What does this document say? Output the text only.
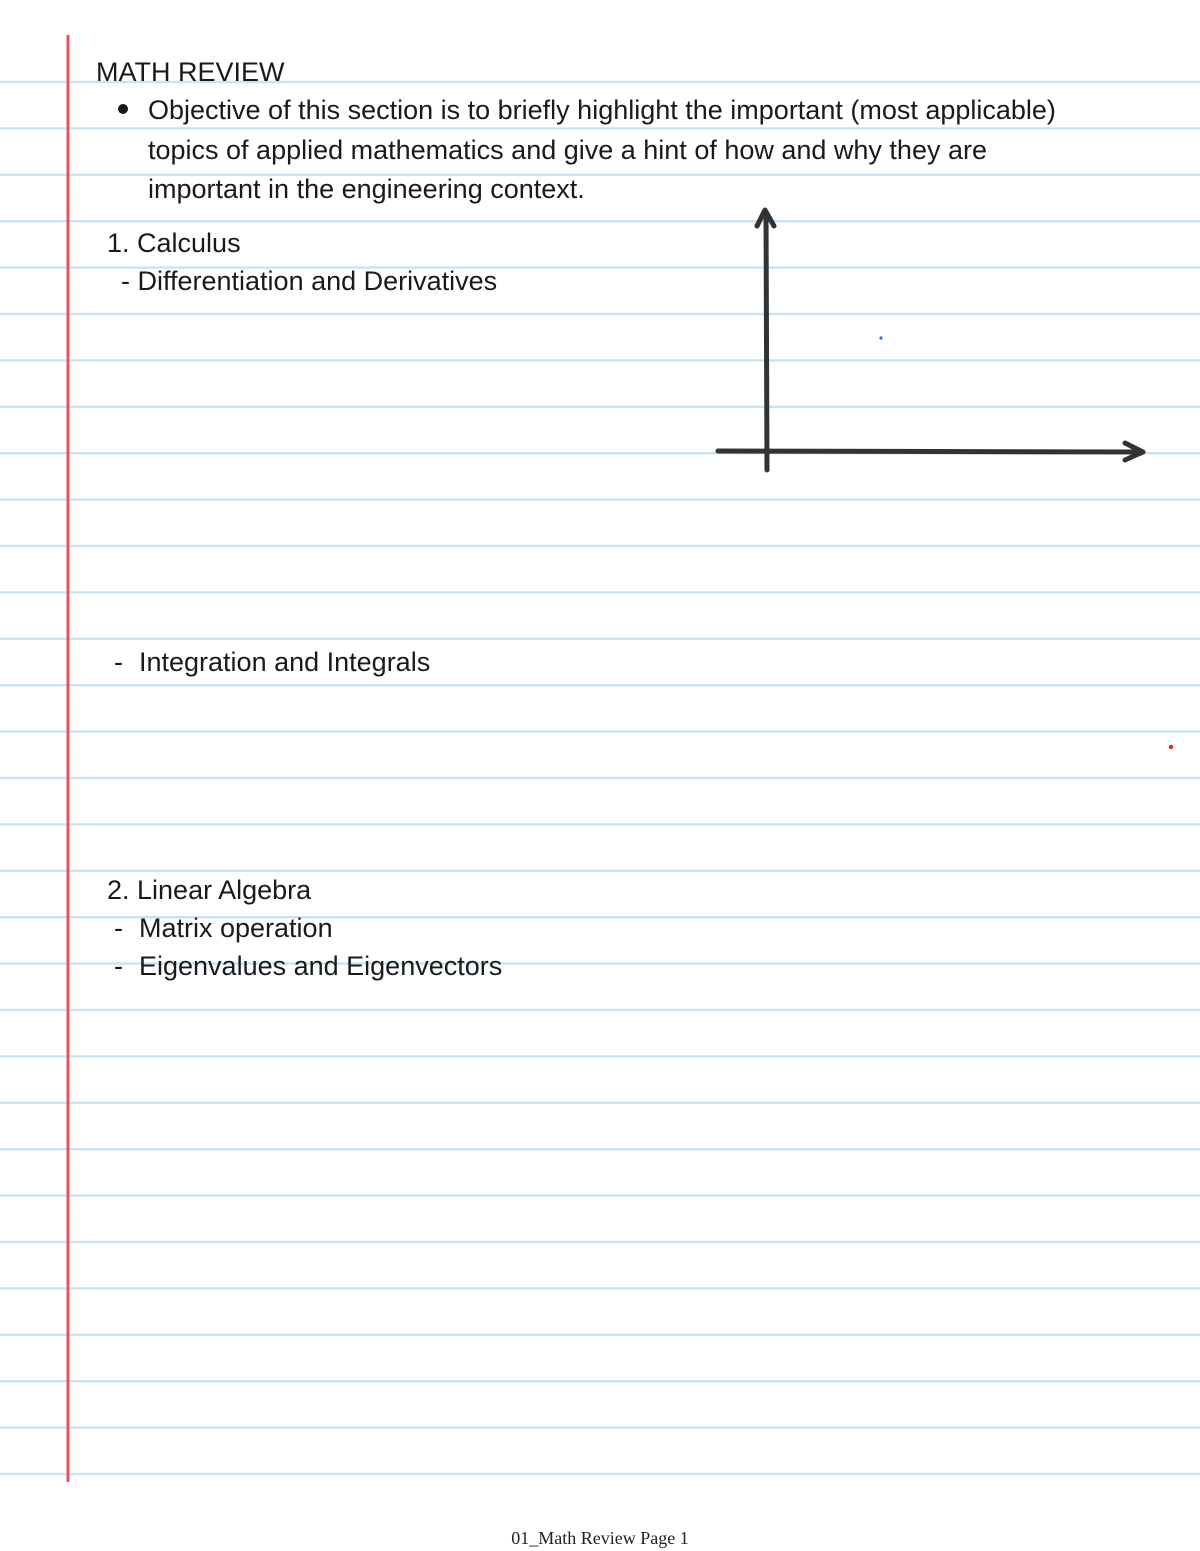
MATH REVIEW
Objective of this section is to briefly highlight the important (most applicable)
topics of applied mathematics and give a hint of how and why they are
important in the engineering context.
1. Calculus
- Differentiation and Derivatives
- Integration and Integrals
2. Linear Algebra
- Matrix operation
- Eigenvalues and Eigenvectors
01_Math Review Page 1
